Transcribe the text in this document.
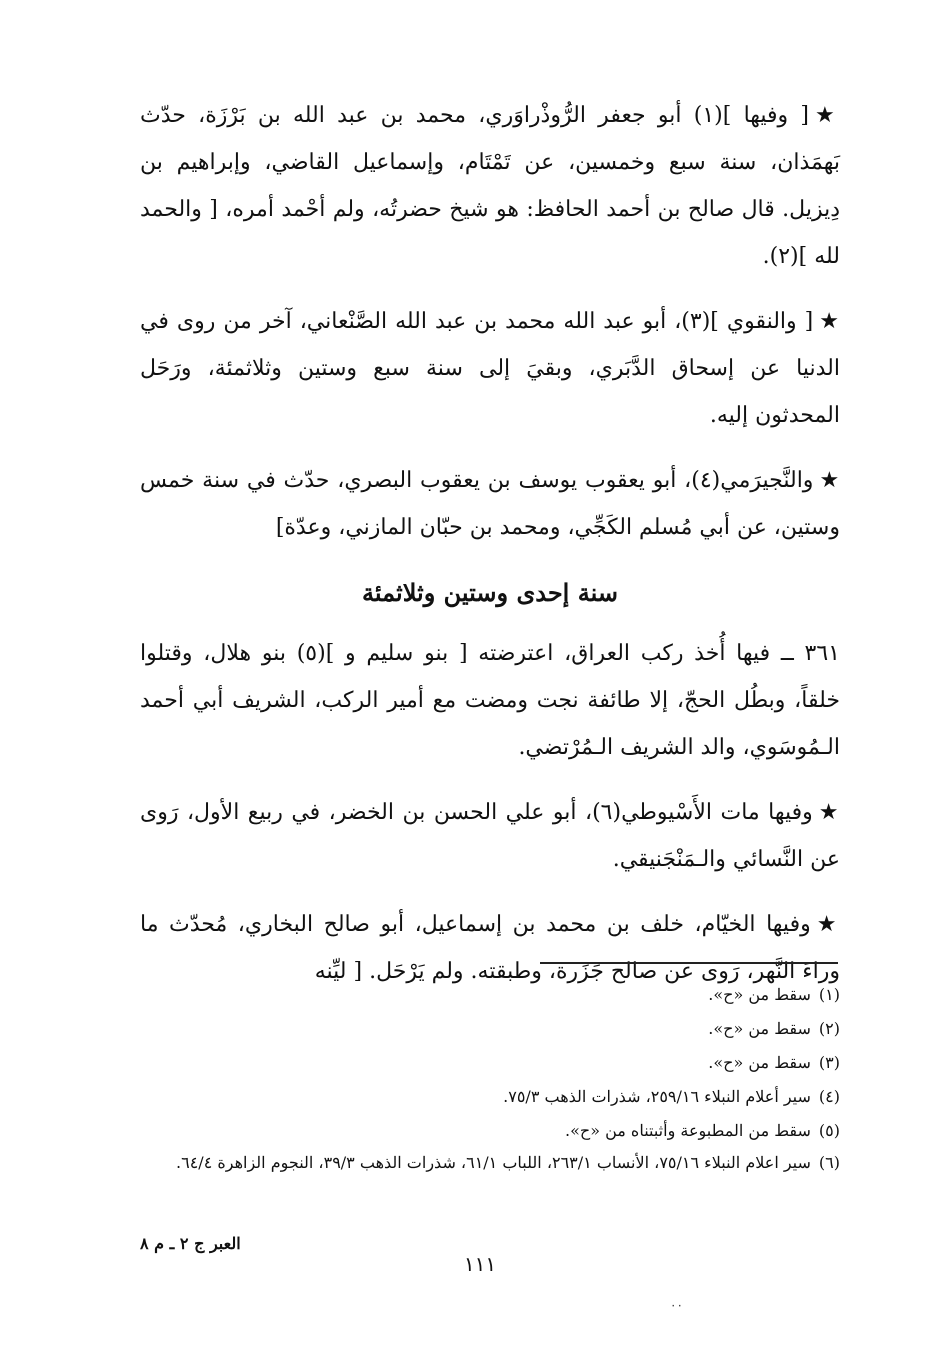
★[ وفيها ](١) أبو جعفر الرُّوذْراوَري، محمد بن عبد الله بن بَرْزَة، حدّث بَهمَذان، سنة سبع وخمسين، عن تَمْتَام، وإسماعيل القاضي، وإبراهيم بن دِيزيل. قال صالح بن أحمد الحافظ: هو شيخ حضرتُه، ولم أحْمد أمره، [ والحمد لله ](٢).

★[ والنقوي ](٣)، أبو عبد الله محمد بن عبد الله الصَّنْعاني، آخر من روى في الدنيا عن إسحاق الدَّبَري، وبقيَ إلى سنة سبع وستين وثلاثمئة، ورَحَل المحدثون إليه.

★والنَّجيرَمي(٤)، أبو يعقوب يوسف بن يعقوب البصري، حدّث في سنة خمس وستين، عن أبي مُسلم الكَجِّي، ومحمد بن حبّان المازني، وعدّة]

سنة إحدى وستين وثلاثمئة

٣٦١ ــ فيها أُخذ ركب العراق، اعترضته [ بنو سليم و ](٥) بنو هلال، وقتلوا خلقاً، وبطُل الحجّ، إلا طائفة نجت ومضت مع أمير الركب، الشريف أبي أحمد الـمُوسَوي، والد الشريف الـمُرْتضي.

★وفيها مات الأَسْيوطي(٦)، أبو علي الحسن بن الخضر، في ربيع الأول، رَوى عن النَّسائي والـمَنْجَنيقي.

★وفيها الخيّام، خلف بن محمد بن إسماعيل، أبو صالح البخاري، مُحدّث ما وراءَ النَّهر، رَوى عن صالح جَزَرة، وطبقته. ولم يَرْحَل. [ ليِّنه

(١)سقط من «ح».
(٢)سقط من «ح».
(٣)سقط من «ح».
(٤)سير أعلام النبلاء ٢٥٩/١٦، شذرات الذهب ٧٥/٣.
(٥)سقط من المطبوعة وأثبتناه من «ح».
(٦)سير اعلام النبلاء ٧٥/١٦، الأنساب ٢٦٣/١، اللباب ٦١/١، شذرات الذهب ٣٩/٣، النجوم الزاهرة ٦٤/٤.
العبر ج ٢ ـ م ٨
١١١
٠٠
